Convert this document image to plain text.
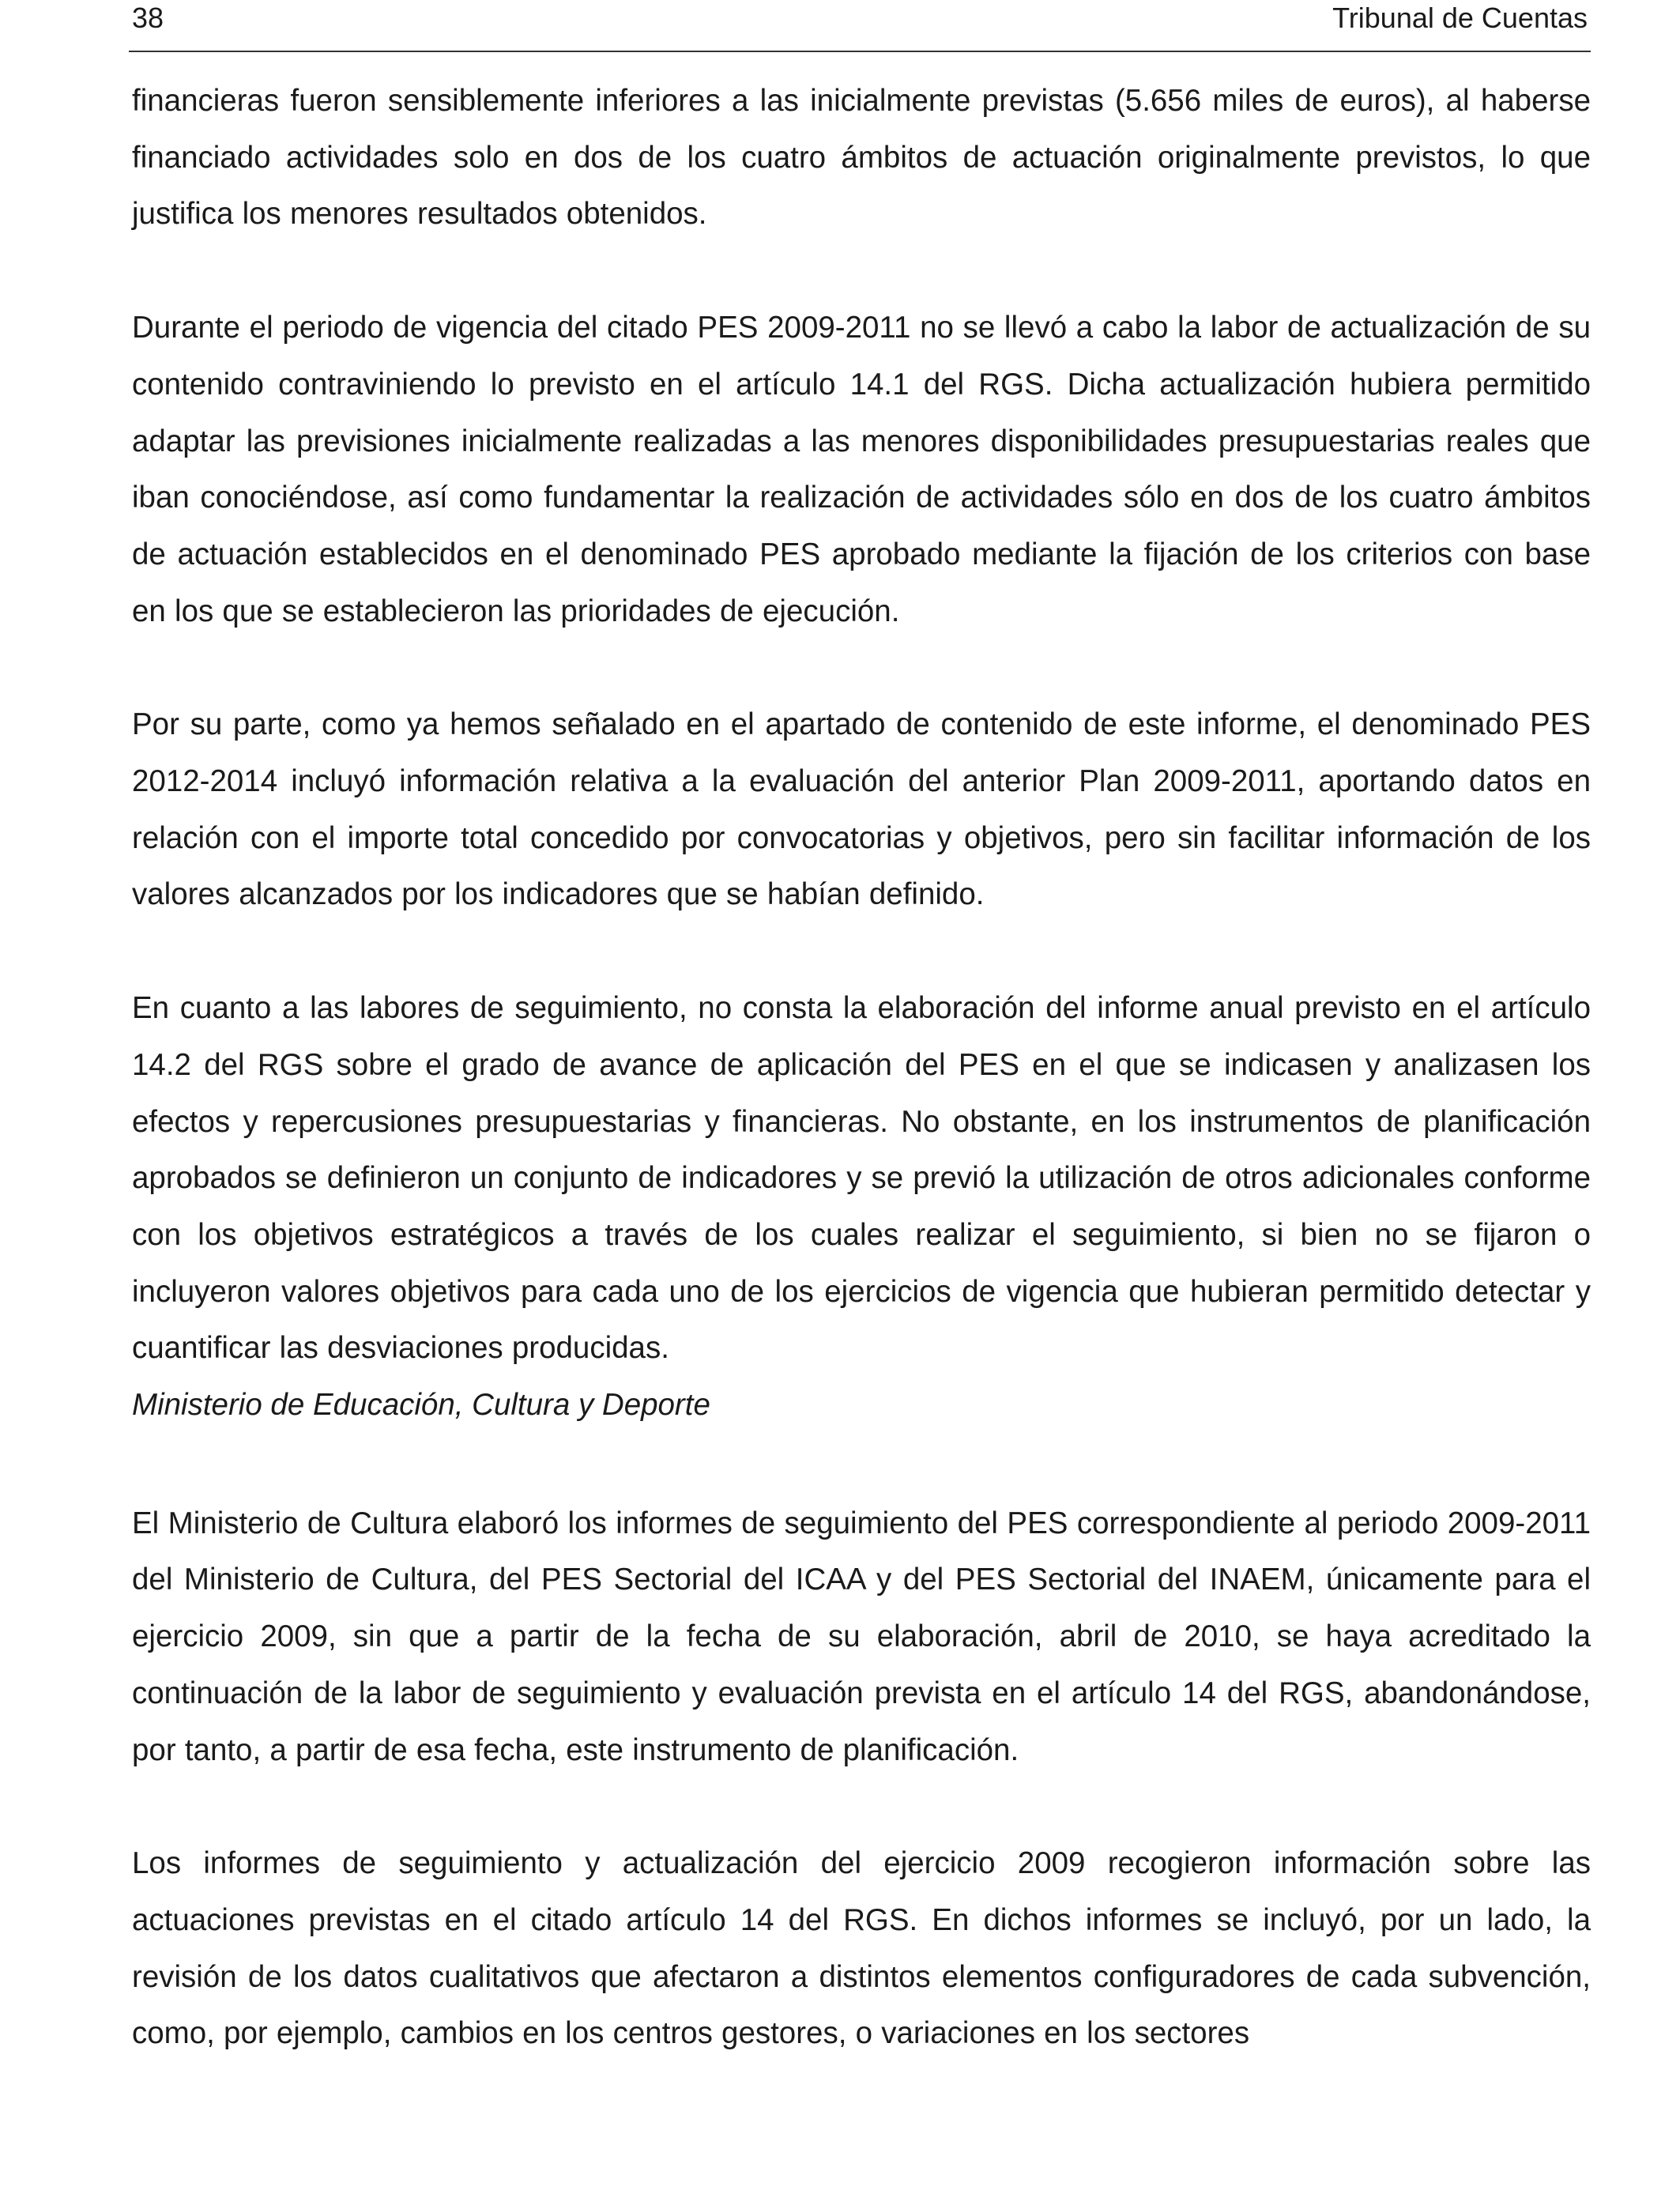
38	Tribunal de Cuentas

financieras fueron sensiblemente inferiores a las inicialmente previstas (5.656 miles de euros), al haberse financiado actividades solo en dos de los cuatro ámbitos de actuación originalmente previstos, lo que justifica los menores resultados obtenidos.

Durante el periodo de vigencia del citado PES 2009-2011 no se llevó a cabo la labor de actualización de su contenido contraviniendo lo previsto en el artículo 14.1 del RGS. Dicha actualización hubiera permitido adaptar las previsiones inicialmente realizadas a las menores disponibilidades presupuestarias reales que iban conociéndose, así como fundamentar la realización de actividades sólo en dos de los cuatro ámbitos de actuación establecidos en el denominado PES aprobado mediante la fijación de los criterios con base en los que se establecieron las prioridades de ejecución.

Por su parte, como ya hemos señalado en el apartado de contenido de este informe, el denominado PES 2012-2014 incluyó información relativa a la evaluación del anterior Plan 2009-2011, aportando datos en relación con el importe total concedido por convocatorias y objetivos, pero sin facilitar información de los valores alcanzados por los indicadores que se habían definido.

En cuanto a las labores de seguimiento, no consta la elaboración del informe anual previsto en el artículo 14.2 del RGS sobre el grado de avance de aplicación del PES en el que se indicasen y analizasen los efectos y repercusiones presupuestarias y financieras. No obstante, en los instrumentos de planificación aprobados se definieron un conjunto de indicadores y se previó la utilización de otros adicionales conforme con los objetivos estratégicos a través de los cuales realizar el seguimiento, si bien no se fijaron o incluyeron valores objetivos para cada uno de los ejercicios de vigencia que hubieran permitido detectar y cuantificar las desviaciones producidas.

Ministerio de Educación, Cultura y Deporte

El Ministerio de Cultura elaboró los informes de seguimiento del PES correspondiente al periodo 2009-2011 del Ministerio de Cultura, del PES Sectorial del ICAA y del PES Sectorial del INAEM, únicamente para el ejercicio 2009, sin que a partir de la fecha de su elaboración, abril de 2010, se haya acreditado la continuación de la labor de seguimiento y evaluación prevista en el artículo 14 del RGS, abandonándose, por tanto, a partir de esa fecha, este instrumento de planificación.

Los informes de seguimiento y actualización del ejercicio 2009 recogieron información sobre las actuaciones previstas en el citado artículo 14 del RGS. En dichos informes se incluyó, por un lado, la revisión de los datos cualitativos que afectaron a distintos elementos configuradores de cada subvención, como, por ejemplo, cambios en los centros gestores, o variaciones en los sectores
